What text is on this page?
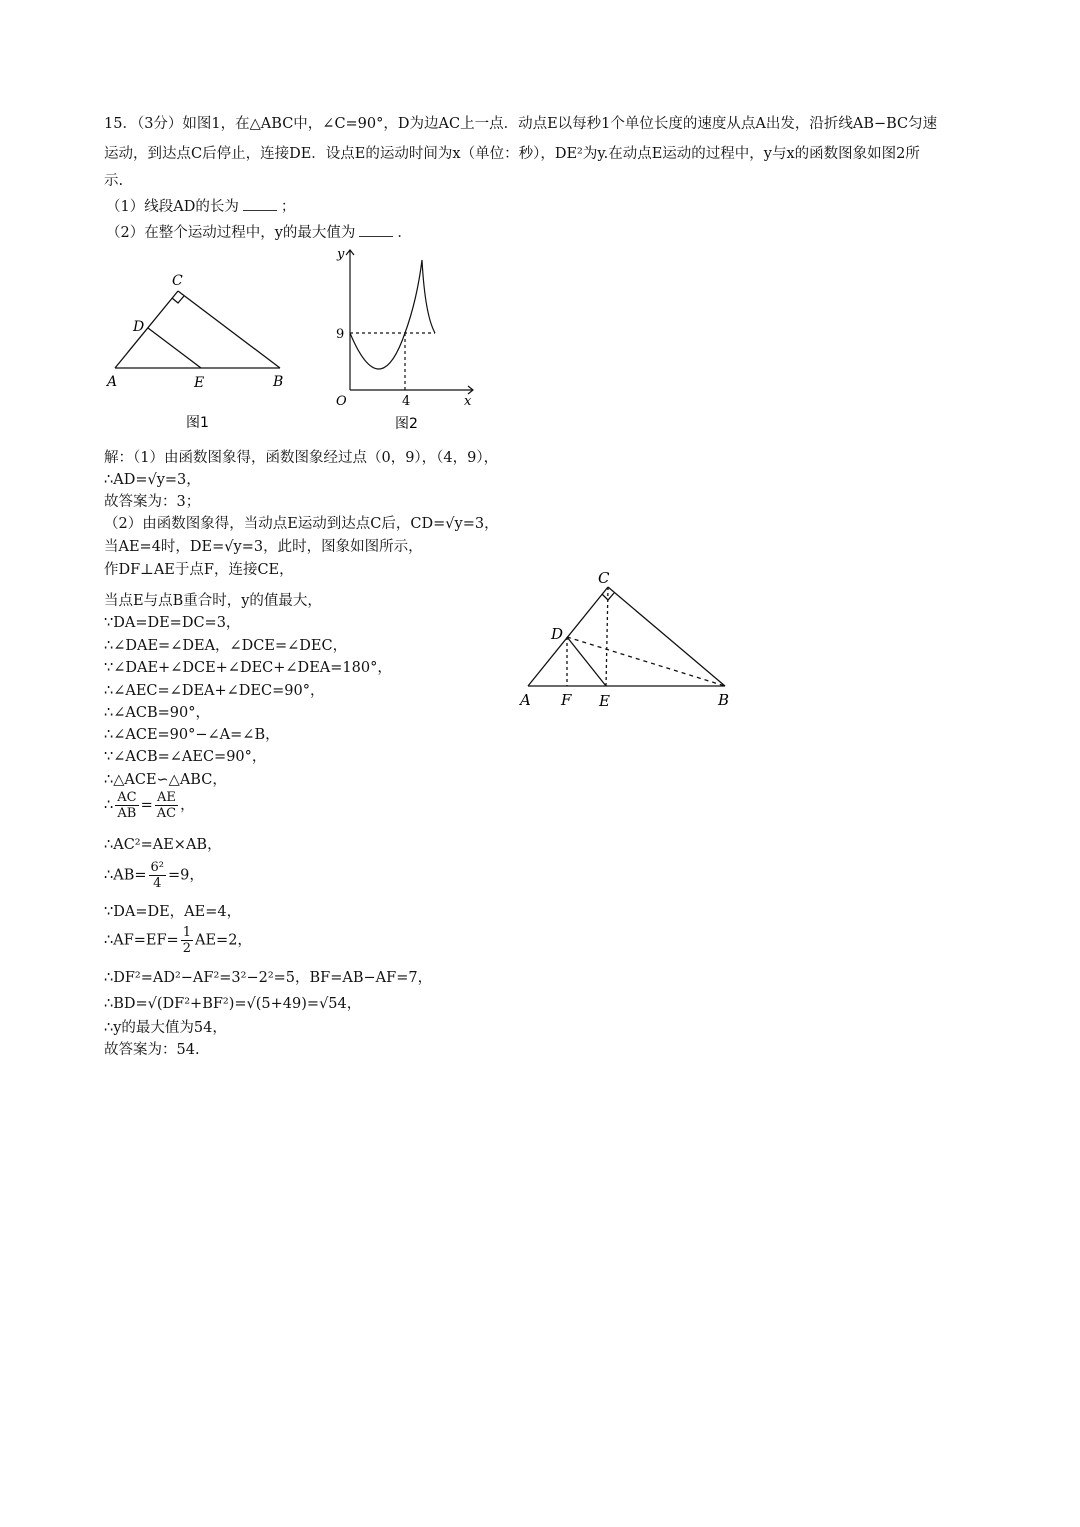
15．（3分）如图1，在△ABC中，∠C=90°，D为边AC上一点．动点E以每秒1个单位长度的速度从点A出发，沿折线AB−BC匀速
运动，到达点C后停止，连接DE．设点E的运动时间为x（单位：秒），DE²为y.在动点E运动的过程中，y与x的函数图象如图2所
示.
（1）线段AD的长为	；
（2）在整个运动过程中，y的最大值为	．
A	B
C
D
E
图1
y
x
O
9
4
图2
解：（1）由函数图象得，函数图象经过点（0，9），（4，9），
∴AD=√y=3，
故答案为：3；
（2）由函数图象得，当动点E运动到达点C后，CD=√y=3，
当AE=4时，DE=√y=3，此时，图象如图所示，
作DF⊥AE于点F，连接CE，
当点E与点B重合时，y的值最大，
∵DA=DE=DC=3，
∴∠DAE=∠DEA，∠DCE=∠DEC，
∵∠DAE+∠DCE+∠DEC+∠DEA=180°，
∴∠AEC=∠DEA+∠DEC=90°，
∴∠ACB=90°，
∴∠ACE=90°−∠A=∠B，
∵∠ACB=∠AEC=90°，
∴△ACE∽△ABC，
∴ $\frac{AC}{AB} = \frac{AE}{AC}$ ，
∴AC²=AE×AB，
∴AB= $\frac{\text{6²}}{4} =9$，
∵DA=DE，AE=4，
∴AF=EF= $\frac{1}{2} AE=2$，
∴DF²=AD²−AF²=3²−2²=5，BF=AB−AF=7，
∴BD=√(DF²+BF²)=√(5+49)=√54，
∴y的最大值为54，
故答案为：54.
A F E	B
C
D
